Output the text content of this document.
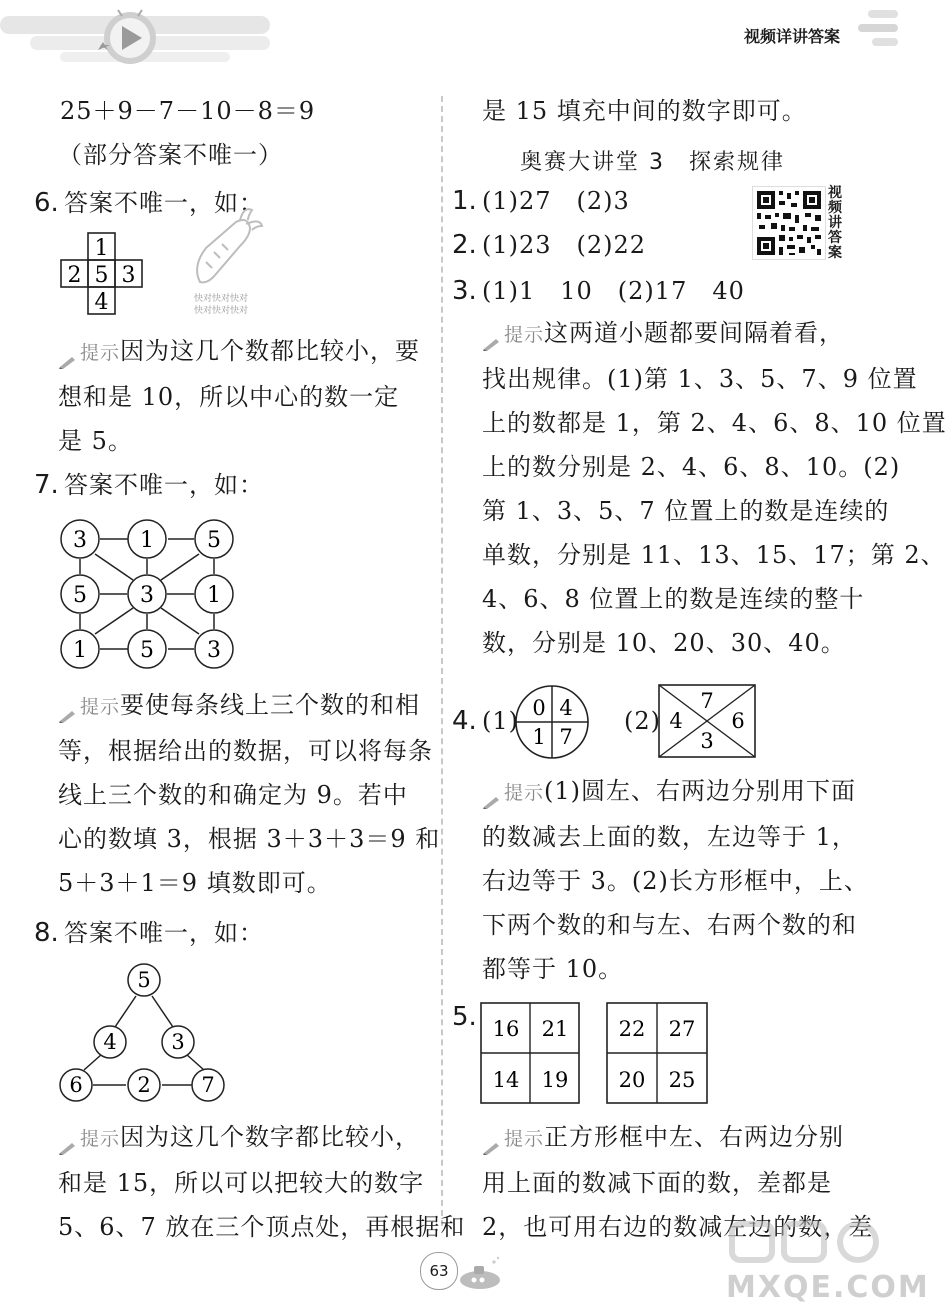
视频详讲答案
25＋9－7－10－8＝9
（部分答案不唯一）
6. 答案不唯一，如：
1
2 5 3
4	快对快对快对
快对快对快对
提示因为这几个数都比较小，要
想和是 10，所以中心的数一定
是 5。
7. 答案不唯一，如：
3 1 5
5 3 1
1 5 3
提示要使每条线上三个数的和相
等，根据给出的数据，可以将每条
线上三个数的和确定为 9。若中
心的数填 3，根据 3＋3＋3＝9 和
5＋3＋1＝9 填数即可。
8. 答案不唯一，如：
5
4	3
6	2 7
提示因为这几个数字都比较小，
和是 15，所以可以把较大的数字
5、6、7 放在三个顶点处，再根据和
是 15 填充中间的数字即可。
奥赛大讲堂 3　探索规律
视频讲答案
1. (1)27　(2)3
2. (1)23　(2)22
3. (1)1　10　(2)17　40
提示这两道小题都要间隔着看，
找出规律。(1)第 1、3、5、7、9 位置
上的数都是 1，第 2、4、6、8、10 位置
上的数分别是 2、4、6、8、10。(2)
第 1、3、5、7 位置上的数是连续的
单数，分别是 11、13、15、17；第 2、
4、6、8 位置上的数是连续的整十
数，分别是 10、20、30、40。
4. (1) 0 4
1 7
(2)
7
4 6
3
提示(1)圆左、右两边分别用下面
的数减去上面的数，左边等于 1，
右边等于 3。(2)长方形框中，上、
下两个数的和与左、右两个数的和
都等于 10。
5. 16 21
14 19
22 27
20 25
提示正方形框中左、右两边分别
用上面的数减下面的数，差都是
2，也可用右边的数减左边的数，差
63	MXQE.COM
